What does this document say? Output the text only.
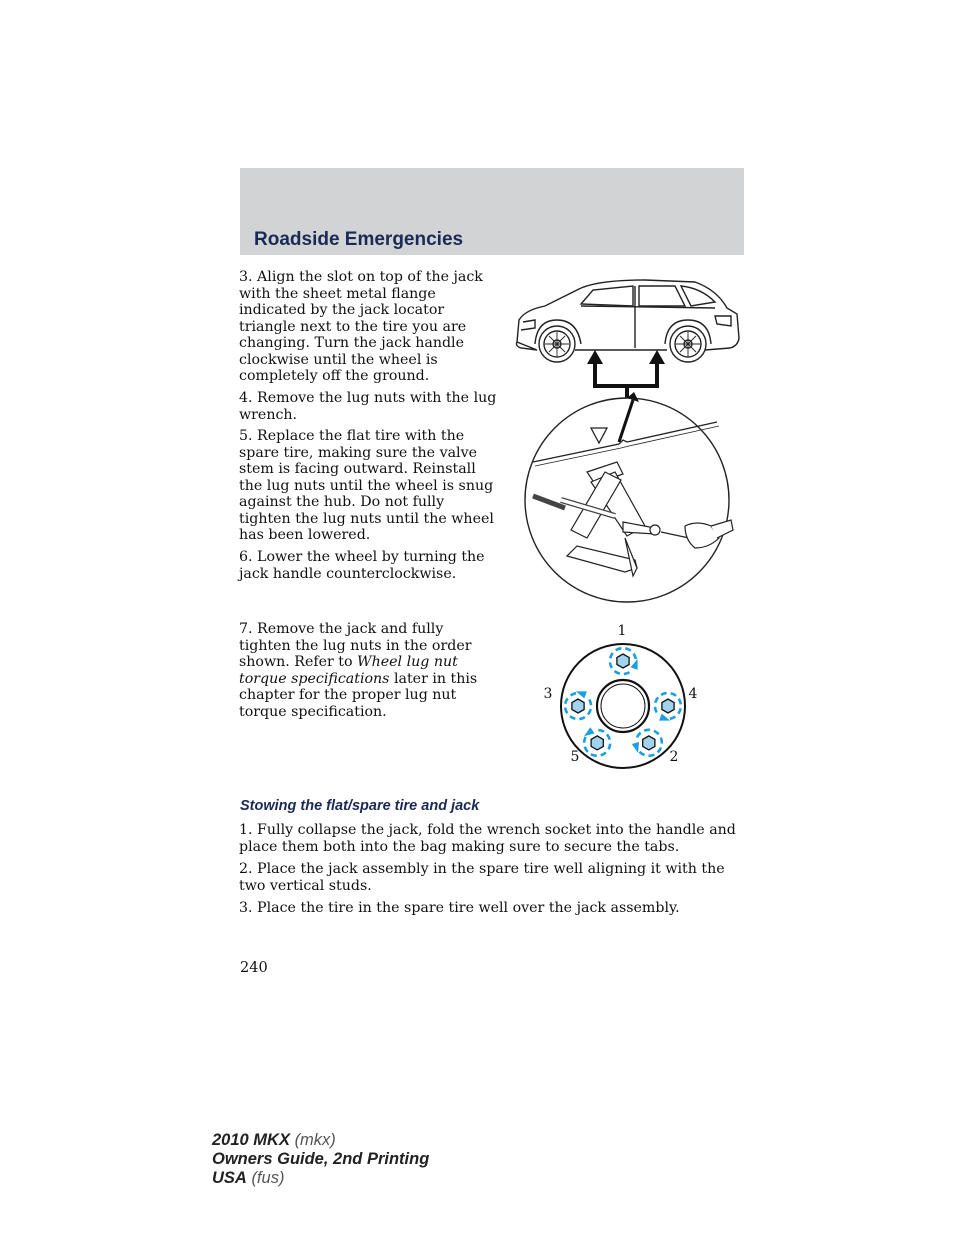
Roadside Emergencies

3. Align the slot on top of the jack with the sheet metal flange indicated by the jack locator triangle next to the tire you are changing. Turn the jack handle clockwise until the wheel is completely off the ground.

4. Remove the lug nuts with the lug wrench.

5. Replace the flat tire with the spare tire, making sure the valve stem is facing outward. Reinstall the lug nuts until the wheel is snug against the hub. Do not fully tighten the lug nuts until the wheel has been lowered.

6. Lower the wheel by turning the jack handle counterclockwise.

7. Remove the jack and fully tighten the lug nuts in the order shown. Refer to Wheel lug nut torque specifications later in this chapter for the proper lug nut torque specification.

1
2
3	4
5
Stowing the flat/spare tire and jack

1. Fully collapse the jack, fold the wrench socket into the handle and place them both into the bag making sure to secure the tabs.

2. Place the jack assembly in the spare tire well aligning it with the two vertical studs.

3. Place the tire in the spare tire well over the jack assembly.

240

2010 MKX (mkx)
Owners Guide, 2nd Printing
USA (fus)
